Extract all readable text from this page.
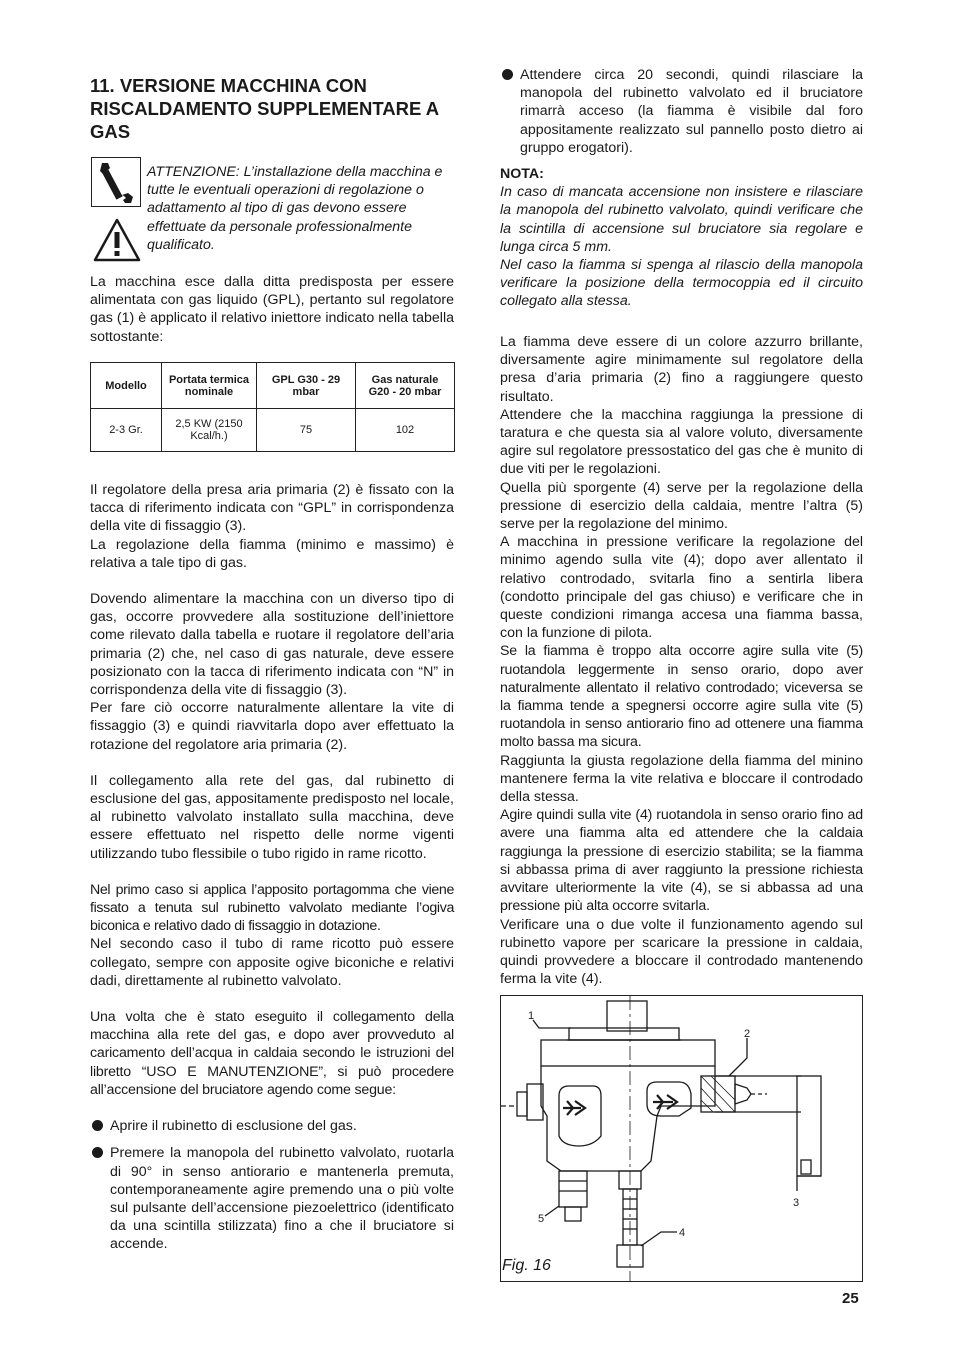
11. VERSIONE MACCHINA CON RISCALDAMENTO SUPPLEMENTARE A GAS
ATTENZIONE: L’installazione della macchina e tutte le eventuali operazioni di regolazione o adattamento al tipo di gas devono essere effettuate da personale professionalmente qualificato.

La macchina esce dalla ditta predisposta per essere alimentata con gas liquido (GPL), pertanto sul regolatore gas (1) è applicato il relativo iniettore indicato nella tabella sottostante:

Modello	Portata termica nominale	GPL G30 - 29 mbar	Gas naturale G20 - 20 mbar
2-3 Gr.	2,5 KW (2150 Kcal/h.)	75	102

Il regolatore della presa aria primaria (2) è fissato con la tacca di riferimento indicata con “GPL” in corrispondenza della vite di fissaggio (3).

La regolazione della fiamma (minimo e massimo) è relativa a tale tipo di gas.

Dovendo alimentare la macchina con un diverso tipo di gas, occorre provvedere alla sostituzione dell’iniettore come rilevato dalla tabella e ruotare il regolatore dell’aria primaria (2) che, nel caso di gas naturale, deve essere posizionato con la tacca di riferimento indicata con “N” in corrispondenza della vite di fissaggio (3).

Per fare ciò occorre naturalmente allentare la vite di fissaggio (3) e quindi riavvitarla dopo aver effettuato la rotazione del regolatore aria primaria (2).

Il collegamento alla rete del gas, dal rubinetto di esclusione del gas, appositamente predisposto nel locale, al rubinetto valvolato installato sulla macchina, deve essere effettuato nel rispetto delle norme vigenti utilizzando tubo flessibile o tubo rigido in rame ricotto.

Nel primo caso si applica l’apposito portagomma che viene fissato a tenuta sul rubinetto valvolato mediante l’ogiva biconica e relativo dado di fissaggio in dotazione.

Nel secondo caso il tubo di rame ricotto può essere collegato, sempre con apposite ogive biconiche e relativi dadi, direttamente al rubinetto valvolato.

Una volta che è stato eseguito il collegamento della macchina alla rete del gas, e dopo aver provveduto al caricamento dell’acqua in caldaia secondo le istruzioni del libretto “USO E MANUTENZIONE”, si può procedere all’accensione del bruciatore agendo come segue:

Aprire il rubinetto di esclusione del gas.
Premere la manopola del rubinetto valvolato, ruotarla di 90° in senso antiorario e mantenerla premuta, contemporaneamente agire premendo una o più volte sul pulsante dell’accensione piezoelettrico (identificato da una scintilla stilizzata) fino a che il bruciatore si accende.
Attendere circa 20 secondi, quindi rilasciare la manopola del rubinetto valvolato ed il bruciatore rimarrà acceso (la fiamma è visibile dal foro appositamente realizzato sul pannello posto dietro ai gruppo erogatori).

NOTA:

In caso di mancata accensione non insistere e rilasciare la manopola del rubinetto valvolato, quindi verificare che la scintilla di accensione sul bruciatore sia regolare e lunga circa 5 mm.

Nel caso la fiamma si spenga al rilascio della manopola verificare la posizione della termocoppia ed il circuito collegato alla stessa.

La fiamma deve essere di un colore azzurro brillante, diversamente agire minimamente sul regolatore della presa d’aria primaria (2) fino a raggiungere questo risultato.

Attendere che la macchina raggiunga la pressione di taratura e che questa sia al valore voluto, diversamente agire sul regolatore pressostatico del gas che è munito di due viti per le regolazioni.

Quella più sporgente (4) serve per la regolazione della pressione di esercizio della caldaia, mentre l’altra (5) serve per la regolazione del minimo.

A macchina in pressione verificare la regolazione del minimo agendo sulla vite (4); dopo aver allentato il relativo controdado, svitarla fino a sentirla libera (condotto principale del gas chiuso) e verificare che in queste condizioni rimanga accesa una fiamma bassa, con la funzione di pilota.

Se la fiamma è troppo alta occorre agire sulla vite (5) ruotandola leggermente in senso orario, dopo aver naturalmente allentato il relativo controdado; viceversa se la fiamma tende a spegnersi occorre agire sulla vite (5) ruotandola in senso antiorario fino ad ottenere una fiamma molto bassa ma sicura.

Raggiunta la giusta regolazione della fiamma del minino mantenere ferma la vite relativa e bloccare il controdado della stessa.

Agire quindi sulla vite (4) ruotandola in senso orario fino ad avere una fiamma alta ed attendere che la caldaia raggiunga la pressione di esercizio stabilita; se la fiamma si abbassa prima di aver raggiunto la pressione richiesta avvitare ulteriormente la vite (4), se si abbassa ad una pressione più alta occorre svitarla.

Verificare una o due volte il funzionamento agendo sul rubinetto vapore per scaricare la pressione in caldaia, quindi provvedere a bloccare il controdado mantenendo ferma la vite (4).

1
2
3
4
5
Fig. 16
25
